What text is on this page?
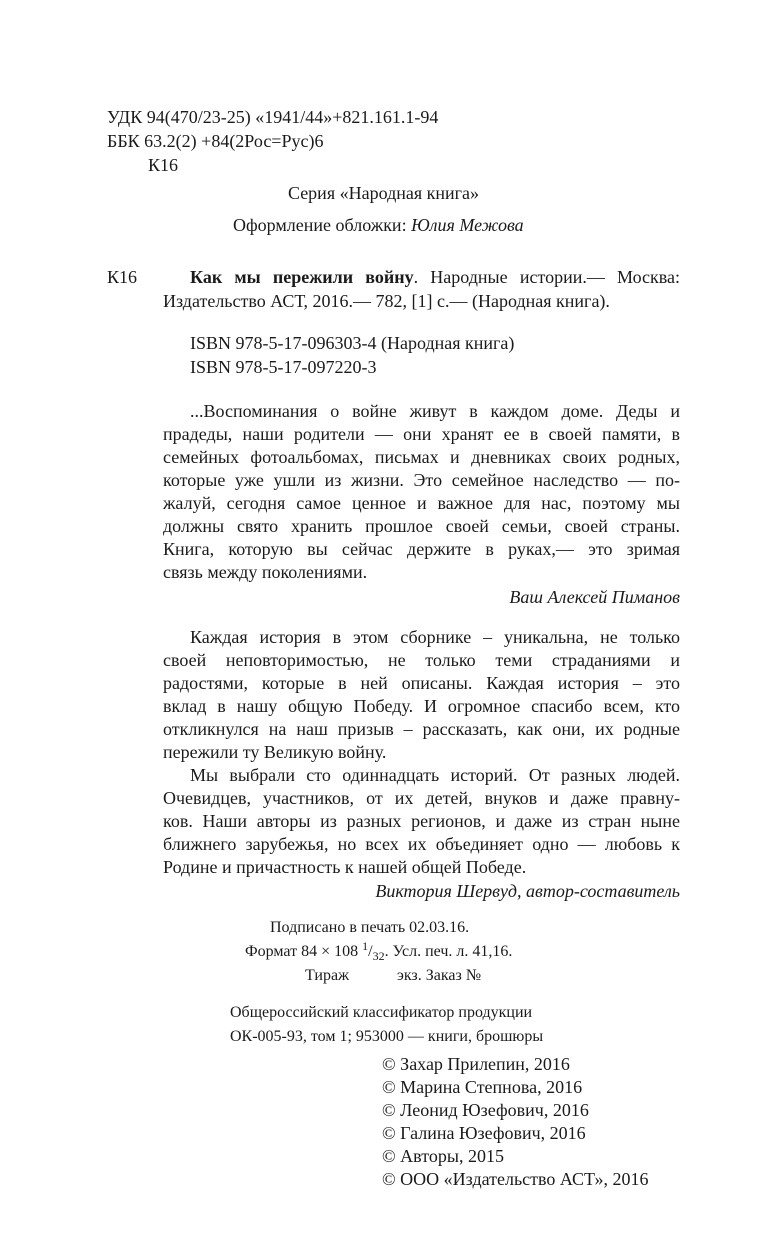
УДК 94(470/23-25) «1941/44»+821.161.1-94
ББК 63.2(2) +84(2Рос=Рус)6
К16
Серия «Народная книга»
Оформление обложки: Юлия Межова
К16	Как мы пережили войну. Народные истории.— Москва:
Издательство АСТ, 2016.— 782, [1] с.— (Народная книга).
ISBN 978-5-17-096303-4 (Народная книга)
ISBN 978-5-17-097220-3
...Воспоминания о войне живут в каждом доме. Деды и
прадеды, наши родители — они хранят ее в своей памяти, в
семейных фотоальбомах, письмах и дневниках своих родных,
которые уже ушли из жизни. Это семейное наследство — по-
жалуй, сегодня самое ценное и важное для нас, поэтому мы
должны свято хранить прошлое своей семьи, своей страны.
Книга, которую вы сейчас держите в руках,— это зримая
связь между поколениями.
Ваш Алексей Пиманов
Каждая история в этом сборнике – уникальна, не только
своей неповторимостью, не только теми страданиями и
радостями, которые в ней описаны. Каждая история – это
вклад в нашу общую Победу. И огромное спасибо всем, кто
откликнулся на наш призыв – рассказать, как они, их родные
пережили ту Великую войну.
Мы выбрали сто одиннадцать историй. От разных людей.
Очевидцев, участников, от их детей, внуков и даже правну-
ков. Наши авторы из разных регионов, и даже из стран ныне
ближнего зарубежья, но всех их объединяет одно — любовь к
Родине и причастность к нашей общей Победе.
Виктория Шервуд, автор-составитель
Подписано в печать 02.03.16.
Формат 84 × 108 $^1/_{32}$. Усл. печ. л. 41,16.
Тираж	экз. Заказ №
Общероссийский классификатор продукции
ОК-005-93, том 1; 953000 — книги, брошюры
© Захар Прилепин, 2016
© Марина Степнова, 2016
© Леонид Юзефович, 2016
© Галина Юзефович, 2016
© Авторы, 2015
© ООО «Издательство АСТ», 2016
